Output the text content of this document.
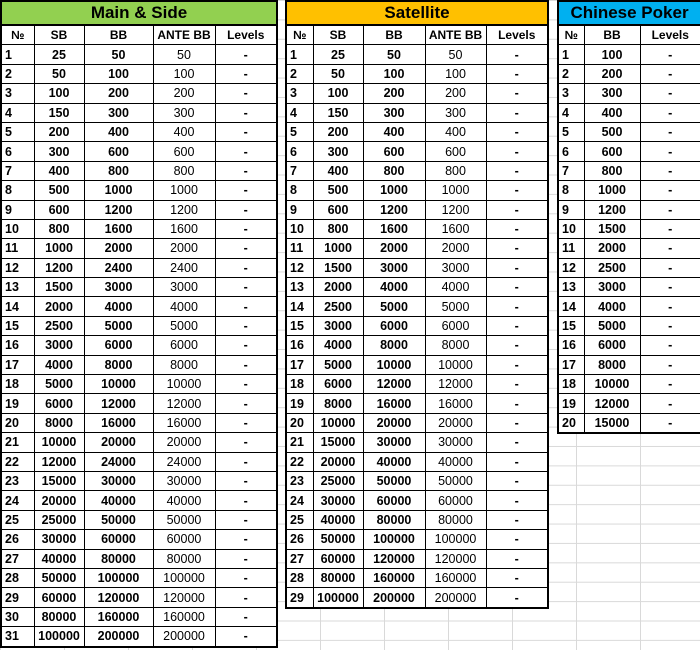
Main & Side				
№	SB	BB	ANTE BB	Levels
1	25	50	50	-
2	50	100	100	-
3	100	200	200	-
4	150	300	300	-
5	200	400	400	-
6	300	600	600	-
7	400	800	800	-
8	500	1000	1000	-
9	600	1200	1200	-
10	800	1600	1600	-
11	1000	2000	2000	-
12	1200	2400	2400	-
13	1500	3000	3000	-
14	2000	4000	4000	-
15	2500	5000	5000	-
16	3000	6000	6000	-
17	4000	8000	8000	-
18	5000	10000	10000	-
19	6000	12000	12000	-
20	8000	16000	16000	-
21	10000	20000	20000	-
22	12000	24000	24000	-
23	15000	30000	30000	-
24	20000	40000	40000	-
25	25000	50000	50000	-
26	30000	60000	60000	-
27	40000	80000	80000	-
28	50000	100000	100000	-
29	60000	120000	120000	-
30	80000	160000	160000	-
31	100000	200000	200000	-
Satellite				
№	SB	BB	ANTE BB	Levels
1	25	50	50	-
2	50	100	100	-
3	100	200	200	-
4	150	300	300	-
5	200	400	400	-
6	300	600	600	-
7	400	800	800	-
8	500	1000	1000	-
9	600	1200	1200	-
10	800	1600	1600	-
11	1000	2000	2000	-
12	1500	3000	3000	-
13	2000	4000	4000	-
14	2500	5000	5000	-
15	3000	6000	6000	-
16	4000	8000	8000	-
17	5000	10000	10000	-
18	6000	12000	12000	-
19	8000	16000	16000	-
20	10000	20000	20000	-
21	15000	30000	30000	-
22	20000	40000	40000	-
23	25000	50000	50000	-
24	30000	60000	60000	-
25	40000	80000	80000	-
26	50000	100000	100000	-
27	60000	120000	120000	-
28	80000	160000	160000	-
29	100000	200000	200000	-
Chinese Poker		
№	BB	Levels
1	100	-
2	200	-
3	300	-
4	400	-
5	500	-
6	600	-
7	800	-
8	1000	-
9	1200	-
10	1500	-
11	2000	-
12	2500	-
13	3000	-
14	4000	-
15	5000	-
16	6000	-
17	8000	-
18	10000	-
19	12000	-
20	15000	-
